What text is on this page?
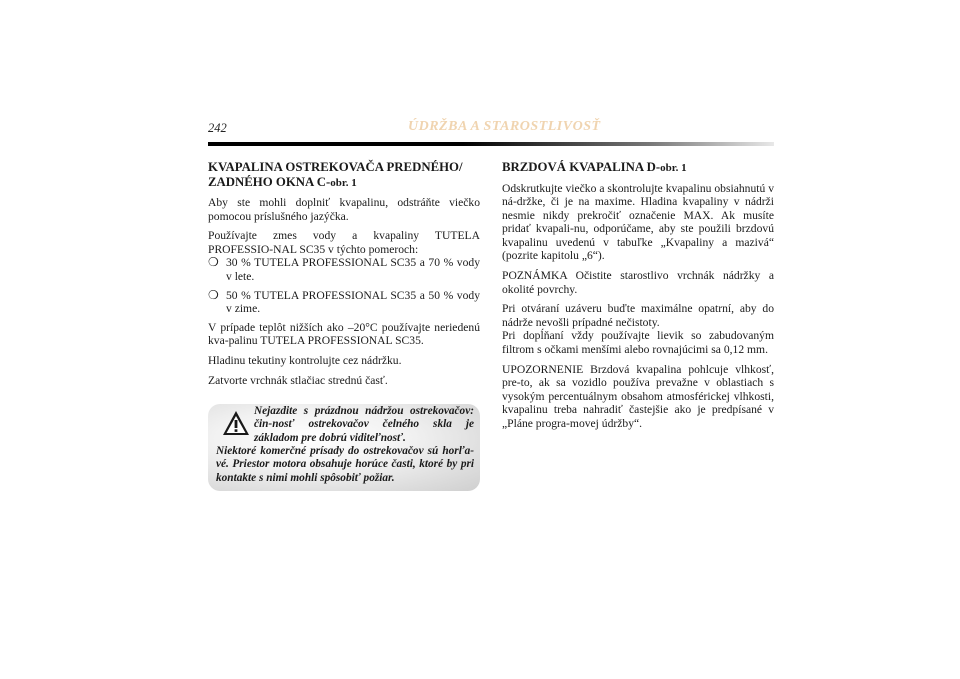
242	ÚDRŽBA A STAROSTLIVOSŤ
KVAPALINA OSTREKOVAČA PREDNÉHO/
ZADNÉHO OKNA C-obr. 1

Aby ste mohli doplniť kvapalinu, odstráňte viečko pomocou príslušného jazýčka.

Používajte zmes vody a kvapaliny TUTELA PROFESSIO-NAL SC35 v týchto pomeroch:

❍ 30 % TUTELA PROFESSIONAL SC35 a 70 % vody v lete.
❍ 50 % TUTELA PROFESSIONAL SC35 a 50 % vody v zime.

V prípade teplôt nižších ako –20°C používajte neriedenú kva-palinu TUTELA PROFESSIONAL SC35.

Hladinu tekutiny kontrolujte cez nádržku.

Zatvorte vrchnák stlačiac strednú časť.

Nejazdite s prázdnou nádržou ostrekovačov: čin-nosť ostrekovačov čelného skla je základom pre dobrú viditeľnosť.
Niektoré komerčné prísady do ostrekovačov sú horľa-vé. Priestor motora obsahuje horúce časti, ktoré by pri kontakte s nimi mohli spôsobiť požiar.
BRZDOVÁ KVAPALINA D-obr. 1

Odskrutkujte viečko a skontrolujte kvapalinu obsiahnutú v ná-držke, či je na maxime. Hladina kvapaliny v nádrži nesmie nikdy prekročiť označenie MAX. Ak musíte pridať kvapali-nu, odporúčame, aby ste použili brzdovú kvapalinu uvedenú v tabuľke „Kvapaliny a mazivá“ (pozrite kapitolu „6“).

POZNÁMKA Očistite starostlivo vrchnák nádržky a okolité povrchy.

Pri otváraní uzáveru buďte maximálne opatrní, aby do nádrže nevošli prípadné nečistoty.

Pri dopĺňaní vždy používajte lievik so zabudovaným filtrom s očkami menšími alebo rovnajúcimi sa 0,12 mm.

UPOZORNENIE Brzdová kvapalina pohlcuje vlhkosť, pre-to, ak sa vozidlo používa prevažne v oblastiach s vysokým percentuálnym obsahom atmosférickej vlhkosti, kvapalinu treba nahradiť častejšie ako je predpísané v „Pláne progra-movej údržby“.
